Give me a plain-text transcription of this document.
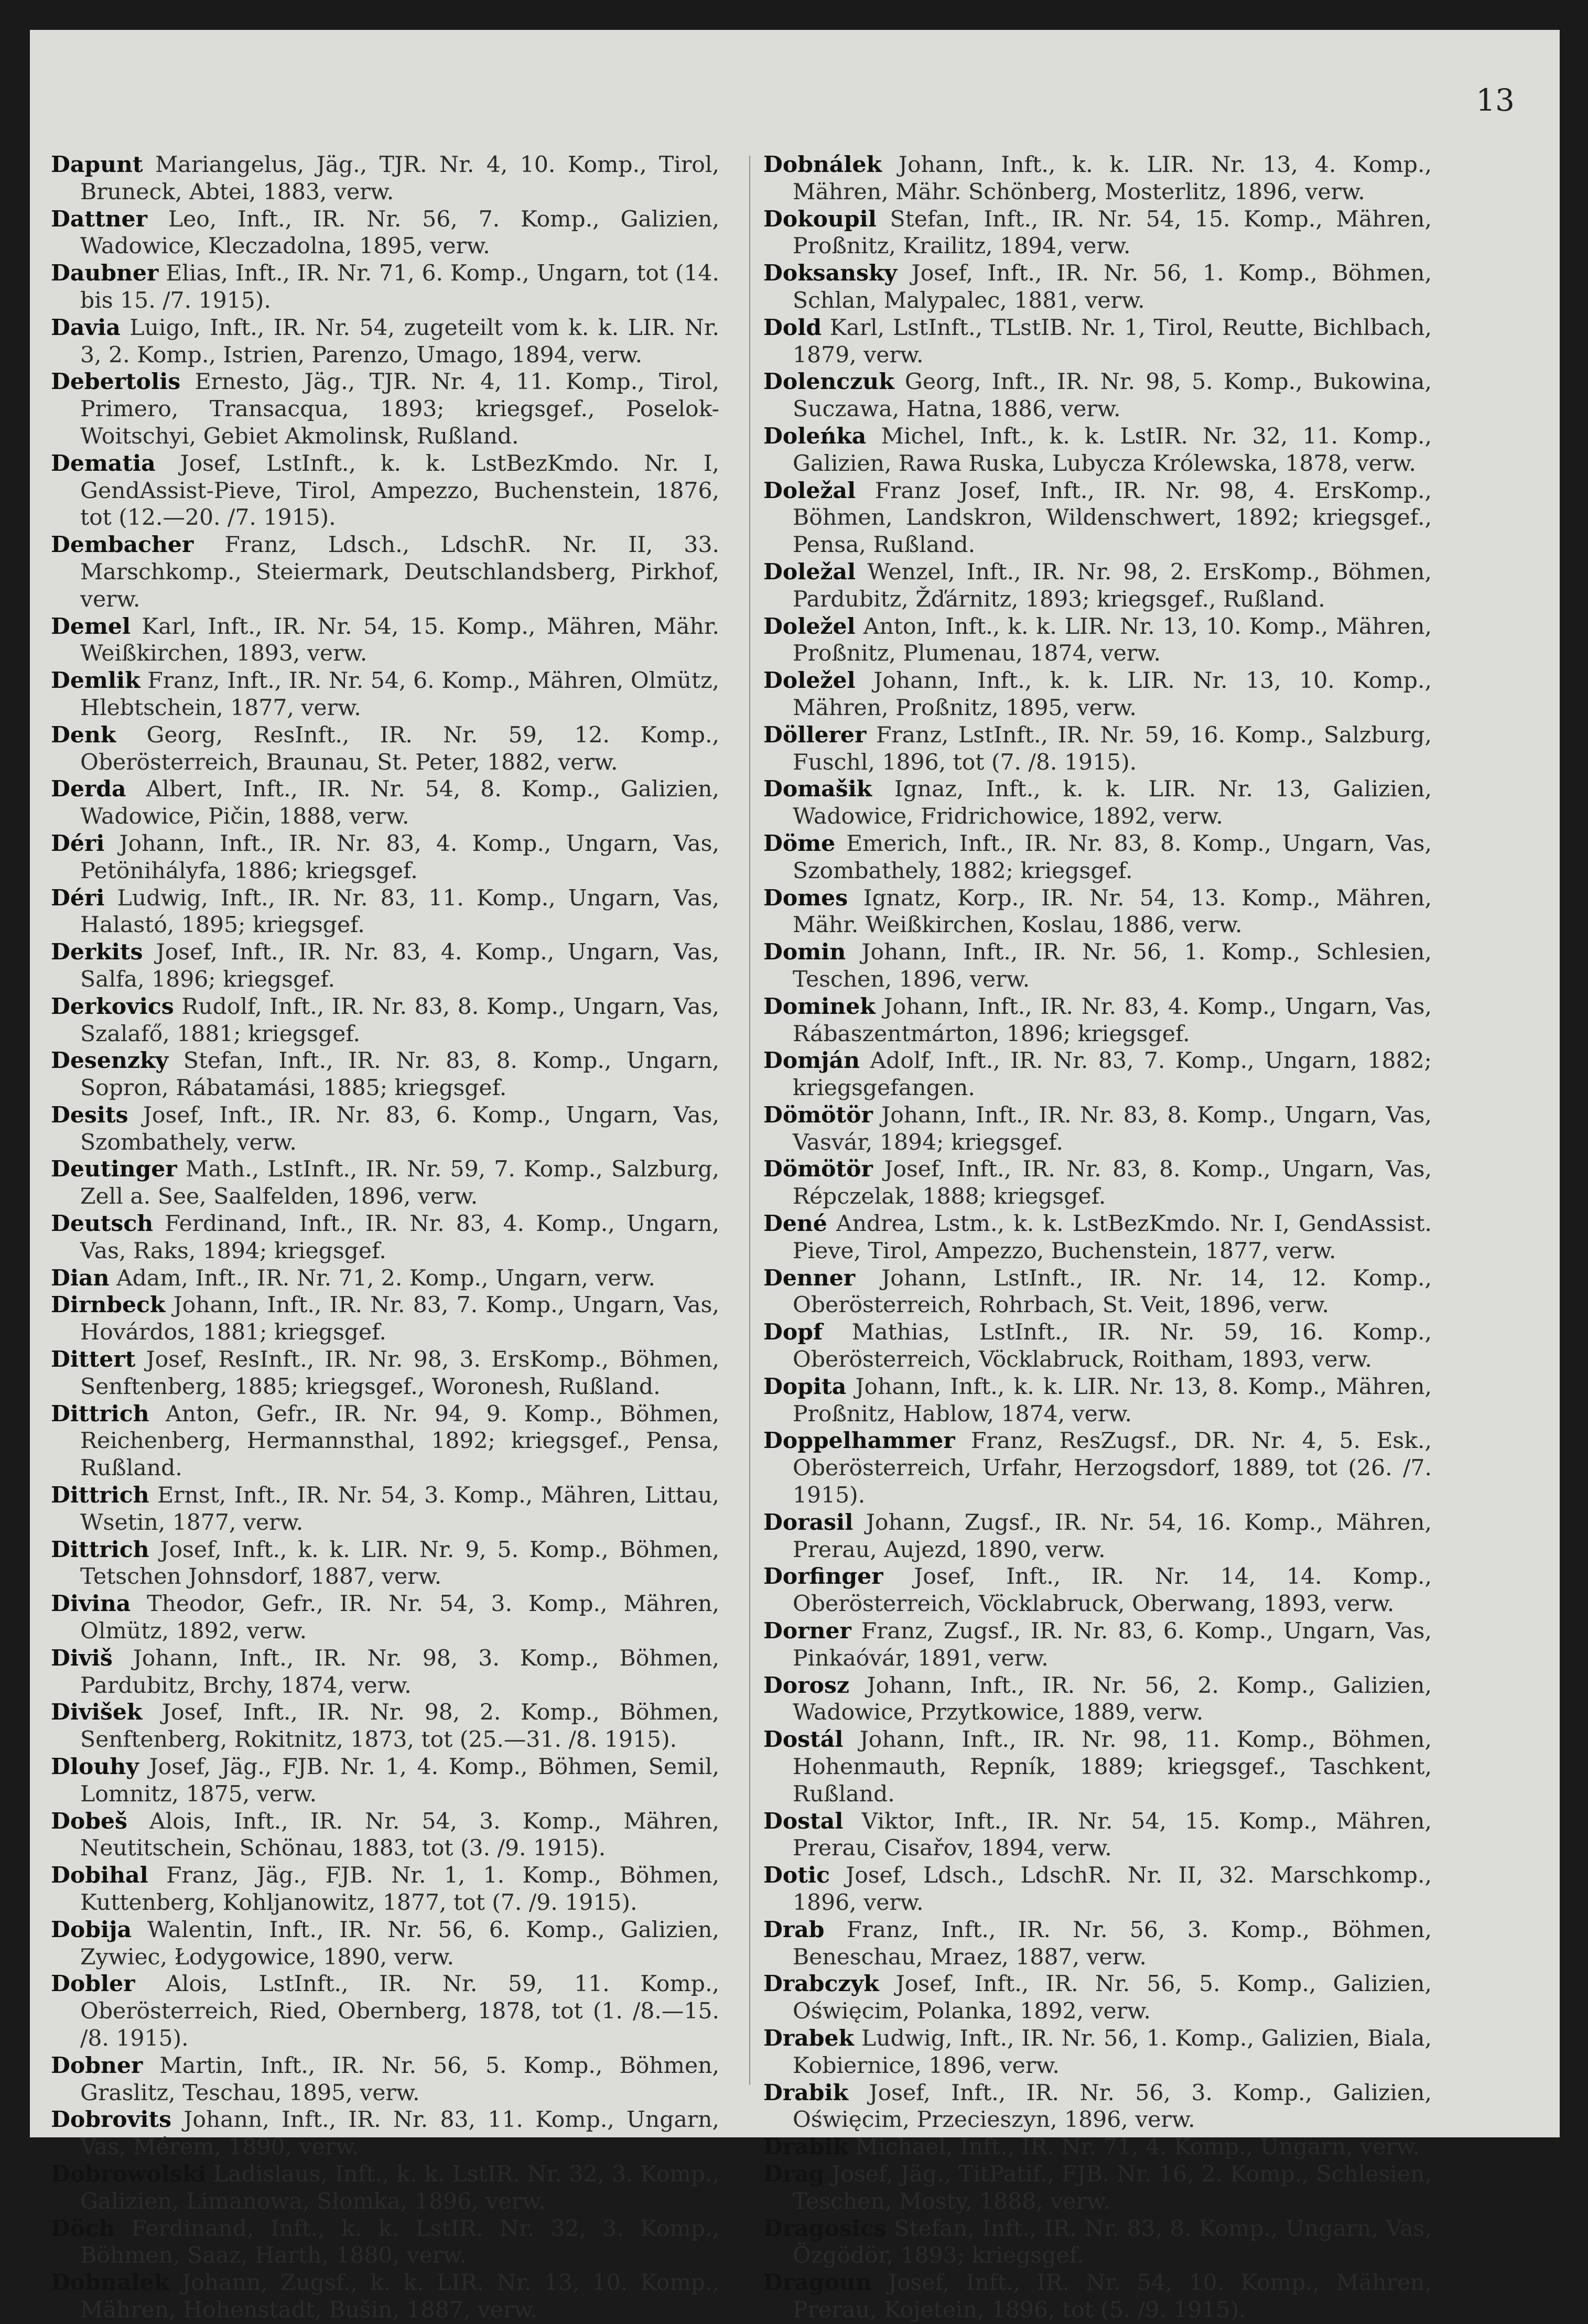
13

Dapunt Mariangelus, Jäg., TJR. Nr. 4, 10. Komp., Tirol, Bruneck, Abtei, 1883, verw.

Dattner Leo, Inft., IR. Nr. 56, 7. Komp., Galizien, Wadowice, Kleczadolna, 1895, verw.

Daubner Elias, Inft., IR. Nr. 71, 6. Komp., Ungarn, tot (14. bis 15. /7. 1915).

Davia Luigo, Inft., IR. Nr. 54, zugeteilt vom k. k. LIR. Nr. 3, 2. Komp., Istrien, Parenzo, Umago, 1894, verw.

Debertolis Ernesto, Jäg., TJR. Nr. 4, 11. Komp., Tirol, Primero, Transacqua, 1893; kriegsgef., Poselok-Woitschyi, Gebiet Akmolinsk, Rußland.

Dematia Josef, LstInft., k. k. LstBezKmdo. Nr. I, GendAssist-Pieve, Tirol, Ampezzo, Buchenstein, 1876, tot (12.—20. /7. 1915).

Dembacher Franz, Ldsch., LdschR. Nr. II, 33. Marschkomp., Steiermark, Deutschlandsberg, Pirkhof, verw.

Demel Karl, Inft., IR. Nr. 54, 15. Komp., Mähren, Mähr. Weißkirchen, 1893, verw.

Demlik Franz, Inft., IR. Nr. 54, 6. Komp., Mähren, Olmütz, Hlebtschein, 1877, verw.

Denk Georg, ResInft., IR. Nr. 59, 12. Komp., Oberösterreich, Braunau, St. Peter, 1882, verw.

Derda Albert, Inft., IR. Nr. 54, 8. Komp., Galizien, Wadowice, Pičin, 1888, verw.

Déri Johann, Inft., IR. Nr. 83, 4. Komp., Ungarn, Vas, Petönihályfa, 1886; kriegsgef.

Déri Ludwig, Inft., IR. Nr. 83, 11. Komp., Ungarn, Vas, Halastó, 1895; kriegsgef.

Derkits Josef, Inft., IR. Nr. 83, 4. Komp., Ungarn, Vas, Salfa, 1896; kriegsgef.

Derkovics Rudolf, Inft., IR. Nr. 83, 8. Komp., Ungarn, Vas, Szalafő, 1881; kriegsgef.

Desenzky Stefan, Inft., IR. Nr. 83, 8. Komp., Ungarn, Sopron, Rábatamási, 1885; kriegsgef.

Desits Josef, Inft., IR. Nr. 83, 6. Komp., Ungarn, Vas, Szombathely, verw.

Deutinger Math., LstInft., IR. Nr. 59, 7. Komp., Salzburg, Zell a. See, Saalfelden, 1896, verw.

Deutsch Ferdinand, Inft., IR. Nr. 83, 4. Komp., Ungarn, Vas, Raks, 1894; kriegsgef.

Dian Adam, Inft., IR. Nr. 71, 2. Komp., Ungarn, verw.

Dirnbeck Johann, Inft., IR. Nr. 83, 7. Komp., Ungarn, Vas, Hovárdos, 1881; kriegsgef.

Dittert Josef, ResInft., IR. Nr. 98, 3. ErsKomp., Böhmen, Senftenberg, 1885; kriegsgef., Woronesh, Rußland.

Dittrich Anton, Gefr., IR. Nr. 94, 9. Komp., Böhmen, Reichenberg, Hermannsthal, 1892; kriegsgef., Pensa, Rußland.

Dittrich Ernst, Inft., IR. Nr. 54, 3. Komp., Mähren, Littau, Wsetin, 1877, verw.

Dittrich Josef, Inft., k. k. LIR. Nr. 9, 5. Komp., Böhmen, Tetschen Johnsdorf, 1887, verw.

Divina Theodor, Gefr., IR. Nr. 54, 3. Komp., Mähren, Olmütz, 1892, verw.

Diviš Johann, Inft., IR. Nr. 98, 3. Komp., Böhmen, Pardubitz, Brchy, 1874, verw.

Divišek Josef, Inft., IR. Nr. 98, 2. Komp., Böhmen, Senftenberg, Rokitnitz, 1873, tot (25.—31. /8. 1915).

Dlouhy Josef, Jäg., FJB. Nr. 1, 4. Komp., Böhmen, Semil, Lomnitz, 1875, verw.

Dobeš Alois, Inft., IR. Nr. 54, 3. Komp., Mähren, Neutitschein, Schönau, 1883, tot (3. /9. 1915).

Dobihal Franz, Jäg., FJB. Nr. 1, 1. Komp., Böhmen, Kuttenberg, Kohljanowitz, 1877, tot (7. /9. 1915).

Dobija Walentin, Inft., IR. Nr. 56, 6. Komp., Galizien, Zywiec, Łodygowice, 1890, verw.

Dobler Alois, LstInft., IR. Nr. 59, 11. Komp., Oberösterreich, Ried, Obernberg, 1878, tot (1. /8.—15. /8. 1915).

Dobner Martin, Inft., IR. Nr. 56, 5. Komp., Böhmen, Graslitz, Teschau, 1895, verw.

Dobrovits Johann, Inft., IR. Nr. 83, 11. Komp., Ungarn, Vas, Mérem, 1890, verw.

Dobrowolski Ladislaus, Inft., k. k. LstIR. Nr. 32, 3. Komp., Galizien, Limanowa, Słomka, 1896, verw.

Döch Ferdinand, Inft., k. k. LstIR. Nr. 32, 3. Komp., Böhmen, Saaz, Harth, 1880, verw.

Dobnalek Johann, Zugsf., k. k. LIR. Nr. 13, 10. Komp., Mähren, Hohenstadt, Bušin, 1887, verw.

Dobnálek Johann, Inft., k. k. LIR. Nr. 13, 4. Komp., Mähren, Mähr. Schönberg, Mosterlitz, 1896, verw.

Dokoupil Stefan, Inft., IR. Nr. 54, 15. Komp., Mähren, Proßnitz, Krailitz, 1894, verw.

Doksansky Josef, Inft., IR. Nr. 56, 1. Komp., Böhmen, Schlan, Malypalec, 1881, verw.

Dold Karl, LstInft., TLstIB. Nr. 1, Tirol, Reutte, Bichlbach, 1879, verw.

Dolenczuk Georg, Inft., IR. Nr. 98, 5. Komp., Bukowina, Suczawa, Hatna, 1886, verw.

Doleńka Michel, Inft., k. k. LstIR. Nr. 32, 11. Komp., Galizien, Rawa Ruska, Lubycza Królewska, 1878, verw.

Doležal Franz Josef, Inft., IR. Nr. 98, 4. ErsKomp., Böhmen, Landskron, Wildenschwert, 1892; kriegsgef., Pensa, Rußland.

Doležal Wenzel, Inft., IR. Nr. 98, 2. ErsKomp., Böhmen, Pardubitz, Žďárnitz, 1893; kriegsgef., Rußland.

Doležel Anton, Inft., k. k. LIR. Nr. 13, 10. Komp., Mähren, Proßnitz, Plumenau, 1874, verw.

Doležel Johann, Inft., k. k. LIR. Nr. 13, 10. Komp., Mähren, Proßnitz, 1895, verw.

Döllerer Franz, LstInft., IR. Nr. 59, 16. Komp., Salzburg, Fuschl, 1896, tot (7. /8. 1915).

Domašik Ignaz, Inft., k. k. LIR. Nr. 13, Galizien, Wadowice, Fridrichowice, 1892, verw.

Döme Emerich, Inft., IR. Nr. 83, 8. Komp., Ungarn, Vas, Szombathely, 1882; kriegsgef.

Domes Ignatz, Korp., IR. Nr. 54, 13. Komp., Mähren, Mähr. Weißkirchen, Koslau, 1886, verw.

Domin Johann, Inft., IR. Nr. 56, 1. Komp., Schlesien, Teschen, 1896, verw.

Dominek Johann, Inft., IR. Nr. 83, 4. Komp., Ungarn, Vas, Rábaszentmárton, 1896; kriegsgef.

Domján Adolf, Inft., IR. Nr. 83, 7. Komp., Ungarn, 1882; kriegsgefangen.

Dömötör Johann, Inft., IR. Nr. 83, 8. Komp., Ungarn, Vas, Vasvár, 1894; kriegsgef.

Dömötör Josef, Inft., IR. Nr. 83, 8. Komp., Ungarn, Vas, Répczelak, 1888; kriegsgef.

Dené Andrea, Lstm., k. k. LstBezKmdo. Nr. I, GendAssist. Pieve, Tirol, Ampezzo, Buchenstein, 1877, verw.

Denner Johann, LstInft., IR. Nr. 14, 12. Komp., Oberösterreich, Rohrbach, St. Veit, 1896, verw.

Dopf Mathias, LstInft., IR. Nr. 59, 16. Komp., Oberösterreich, Vöcklabruck, Roitham, 1893, verw.

Dopita Johann, Inft., k. k. LIR. Nr. 13, 8. Komp., Mähren, Proßnitz, Hablow, 1874, verw.

Doppelhammer Franz, ResZugsf., DR. Nr. 4, 5. Esk., Oberösterreich, Urfahr, Herzogsdorf, 1889, tot (26. /7. 1915).

Dorasil Johann, Zugsf., IR. Nr. 54, 16. Komp., Mähren, Prerau, Aujezd, 1890, verw.

Dorfinger Josef, Inft., IR. Nr. 14, 14. Komp., Oberösterreich, Vöcklabruck, Oberwang, 1893, verw.

Dorner Franz, Zugsf., IR. Nr. 83, 6. Komp., Ungarn, Vas, Pinkaóvár, 1891, verw.

Dorosz Johann, Inft., IR. Nr. 56, 2. Komp., Galizien, Wadowice, Przytkowice, 1889, verw.

Dostál Johann, Inft., IR. Nr. 98, 11. Komp., Böhmen, Hohenmauth, Repník, 1889; kriegsgef., Taschkent, Rußland.

Dostal Viktor, Inft., IR. Nr. 54, 15. Komp., Mähren, Prerau, Cisařov, 1894, verw.

Dotic Josef, Ldsch., LdschR. Nr. II, 32. Marschkomp., 1896, verw.

Drab Franz, Inft., IR. Nr. 56, 3. Komp., Böhmen, Beneschau, Mraez, 1887, verw.

Drabczyk Josef, Inft., IR. Nr. 56, 5. Komp., Galizien, Oświęcim, Polanka, 1892, verw.

Drabek Ludwig, Inft., IR. Nr. 56, 1. Komp., Galizien, Biala, Kobiernice, 1896, verw.

Drabik Josef, Inft., IR. Nr. 56, 3. Komp., Galizien, Oświęcim, Przecieszyn, 1896, verw.

Drabik Michael, Inft., IR. Nr. 71, 4. Komp., Ungarn, verw.

Drag Josef, Jäg., TitPatif., FJB. Nr. 16, 2. Komp., Schlesien, Teschen, Mosty, 1888, verw.

Dragosics Stefan, Inft., IR. Nr. 83, 8. Komp., Ungarn, Vas, Özgödör, 1893; kriegsgef.

Dragoun Josef, Inft., IR. Nr. 54, 10. Komp., Mähren, Prerau, Kojetein, 1896, tot (5. /9. 1915).
